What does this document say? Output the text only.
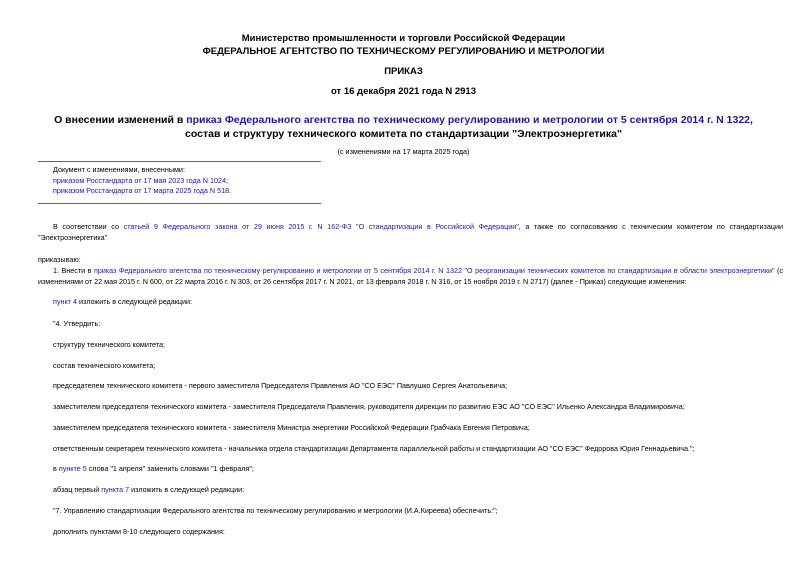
Министерство промышленности и торговли Российской Федерации
ФЕДЕРАЛЬНОЕ АГЕНТСТВО ПО ТЕХНИЧЕСКОМУ РЕГУЛИРОВАНИЮ И МЕТРОЛОГИИ
ПРИКАЗ
от 16 декабря 2021 года N 2913
О внесении изменений в приказ Федерального агентства по техническому регулированию и метрологии от 5 сентября 2014 г. N 1322, состав и структуру технического комитета по стандартизации "Электроэнергетика"
(с изменениями на 17 марта 2025 года)
Документ с изменениями, внесенными:
приказом Росстандарта от 17 мая 2023 года N 1024;
приказом Росстандарта от 17 марта 2025 года N 518.
В соответствии со статьей 9 Федерального закона от 29 июня 2015 г. N 162-ФЗ "О стандартизации в Российской Федерации", а также по согласованию с техническим комитетом по стандартизации "Электроэнергетика"
приказываю:
1. Внести в приказ Федерального агентства по техническому регулированию и метрологии от 5 сентября 2014 г. N 1322 "О реорганизации технических комитетов по стандартизации в области электроэнергетики" (с изменениями от 22 мая 2015 г. N 600, от 22 марта 2016 г. N 303, от 26 сентября 2017 г. N 2021, от 13 февраля 2018 г. N 316, от 15 ноября 2019 г. N 2717) (далее - Приказ) следующие изменения:
пункт 4 изложить в следующей редакции:
"4. Утвердить:
структуру технического комитета;
состав технического комитета;
председателем технического комитета - первого заместителя Председателя Правления АО "СО ЕЭС" Павлушко Сергея Анатольевича;
заместителем председателя технического комитета - заместителя Председателя Правления, руководителя дирекции по развитию ЕЭС АО "СО ЕЭС" Ильенко Александра Владимировича;
заместителем председателя технического комитета - заместителя Министра энергетики Российской Федерации Грабчака Евгения Петровича;
ответственным секретарем технического комитета - начальника отдела стандартизации Департамента параллельной работы и стандартизации АО "СО ЕЭС" Федорова Юрия Геннадьевича.";
в пункте 5 слова "1 апреля" заменить словами "1 февраля";
абзац первый пункта 7 изложить в следующей редакции:
"7. Управлению стандартизации Федерального агентства по техническому регулированию и метрологии (И.А.Киреева) обеспечить:";
дополнить пунктами 8-10 следующего содержания:
